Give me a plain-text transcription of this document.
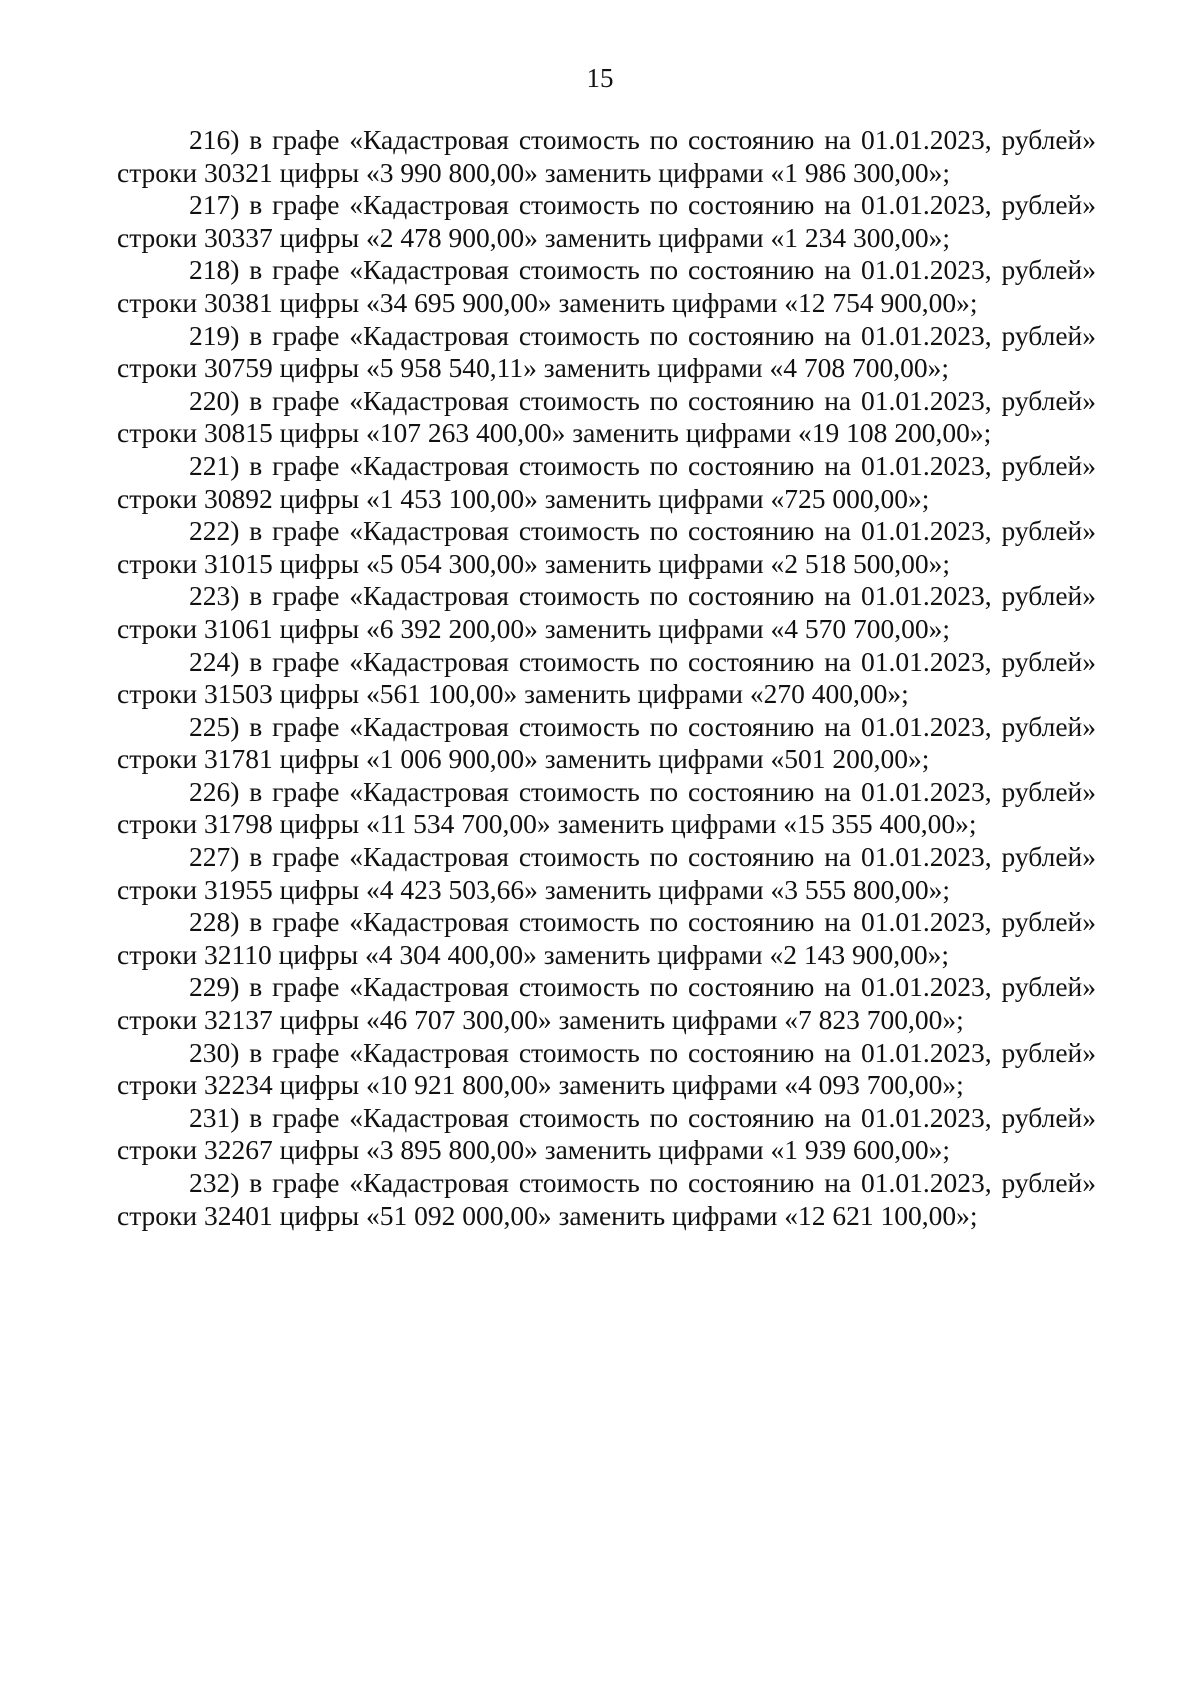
15

216) в графе «Кадастровая стоимость по состоянию на 01.01.2023, рублей» строки 30321 цифры «3 990 800,00» заменить цифрами «1 986 300,00»;

217) в графе «Кадастровая стоимость по состоянию на 01.01.2023, рублей» строки 30337 цифры «2 478 900,00» заменить цифрами «1 234 300,00»;

218) в графе «Кадастровая стоимость по состоянию на 01.01.2023, рублей» строки 30381 цифры «34 695 900,00» заменить цифрами «12 754 900,00»;

219) в графе «Кадастровая стоимость по состоянию на 01.01.2023, рублей» строки 30759 цифры «5 958 540,11» заменить цифрами «4 708 700,00»;

220) в графе «Кадастровая стоимость по состоянию на 01.01.2023, рублей» строки 30815 цифры «107 263 400,00» заменить цифрами «19 108 200,00»;

221) в графе «Кадастровая стоимость по состоянию на 01.01.2023, рублей» строки 30892 цифры «1 453 100,00» заменить цифрами «725 000,00»;

222) в графе «Кадастровая стоимость по состоянию на 01.01.2023, рублей» строки 31015 цифры «5 054 300,00» заменить цифрами «2 518 500,00»;

223) в графе «Кадастровая стоимость по состоянию на 01.01.2023, рублей» строки 31061 цифры «6 392 200,00» заменить цифрами «4 570 700,00»;

224) в графе «Кадастровая стоимость по состоянию на 01.01.2023, рублей» строки 31503 цифры «561 100,00» заменить цифрами «270 400,00»;

225) в графе «Кадастровая стоимость по состоянию на 01.01.2023, рублей» строки 31781 цифры «1 006 900,00» заменить цифрами «501 200,00»;

226) в графе «Кадастровая стоимость по состоянию на 01.01.2023, рублей» строки 31798 цифры «11 534 700,00» заменить цифрами «15 355 400,00»;

227) в графе «Кадастровая стоимость по состоянию на 01.01.2023, рублей» строки 31955 цифры «4 423 503,66» заменить цифрами «3 555 800,00»;

228) в графе «Кадастровая стоимость по состоянию на 01.01.2023, рублей» строки 32110 цифры «4 304 400,00» заменить цифрами «2 143 900,00»;

229) в графе «Кадастровая стоимость по состоянию на 01.01.2023, рублей» строки 32137 цифры «46 707 300,00» заменить цифрами «7 823 700,00»;

230) в графе «Кадастровая стоимость по состоянию на 01.01.2023, рублей» строки 32234 цифры «10 921 800,00» заменить цифрами «4 093 700,00»;

231) в графе «Кадастровая стоимость по состоянию на 01.01.2023, рублей» строки 32267 цифры «3 895 800,00» заменить цифрами «1 939 600,00»;

232) в графе «Кадастровая стоимость по состоянию на 01.01.2023, рублей» строки 32401 цифры «51 092 000,00» заменить цифрами «12 621 100,00»;
